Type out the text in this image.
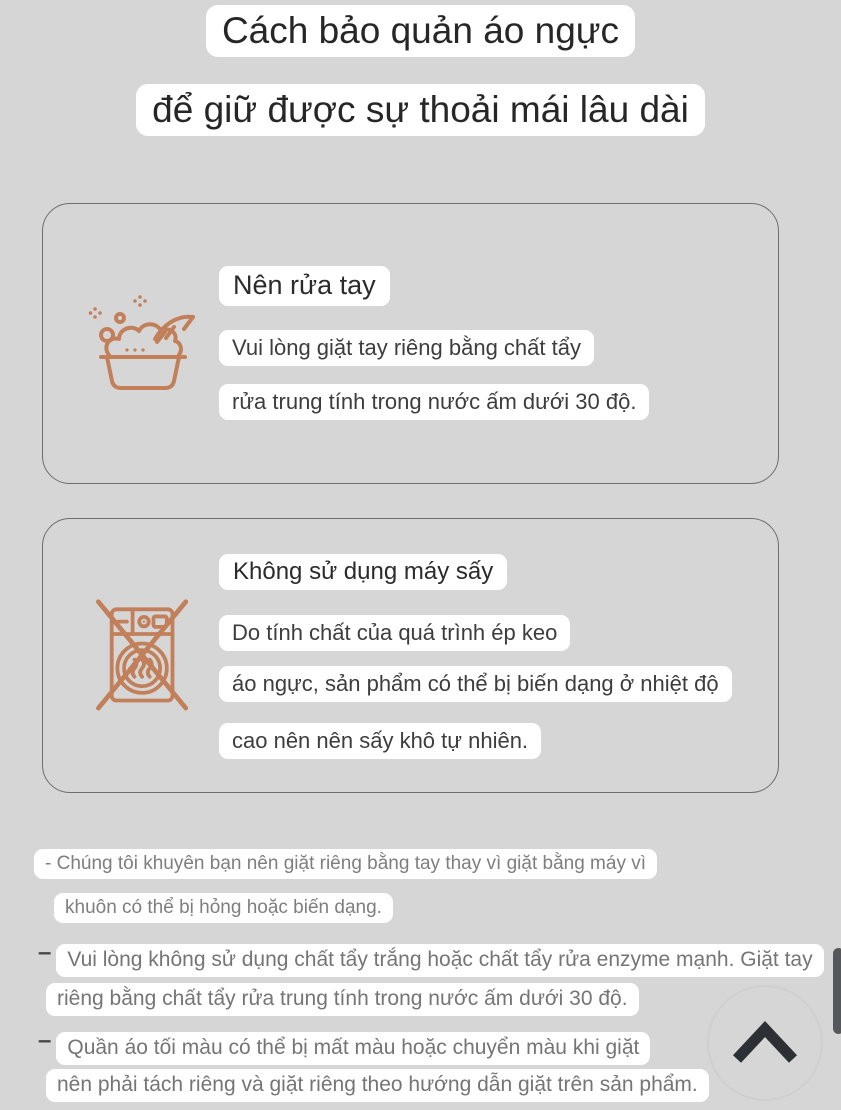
Cách bảo quản áo ngực
để giữ được sự thoải mái lâu dài
Nên rửa tay
Vui lòng giặt tay riêng bằng chất tẩy
rửa trung tính trong nước ấm dưới 30 độ.
Không sử dụng máy sấy
Do tính chất của quá trình ép keo
áo ngực, sản phẩm có thể bị biến dạng ở nhiệt độ
cao nên nên sấy khô tự nhiên.
- Chúng tôi khuyên bạn nên giặt riêng bằng tay thay vì giặt bằng máy vì
khuôn có thể bị hỏng hoặc biến dạng.
– Vui lòng không sử dụng chất tẩy trắng hoặc chất tẩy rửa enzyme mạnh. Giặt tay
riêng bằng chất tẩy rửa trung tính trong nước ấm dưới 30 độ.
– Quần áo tối màu có thể bị mất màu hoặc chuyển màu khi giặt
nên phải tách riêng và giặt riêng theo hướng dẫn giặt trên sản phẩm.
